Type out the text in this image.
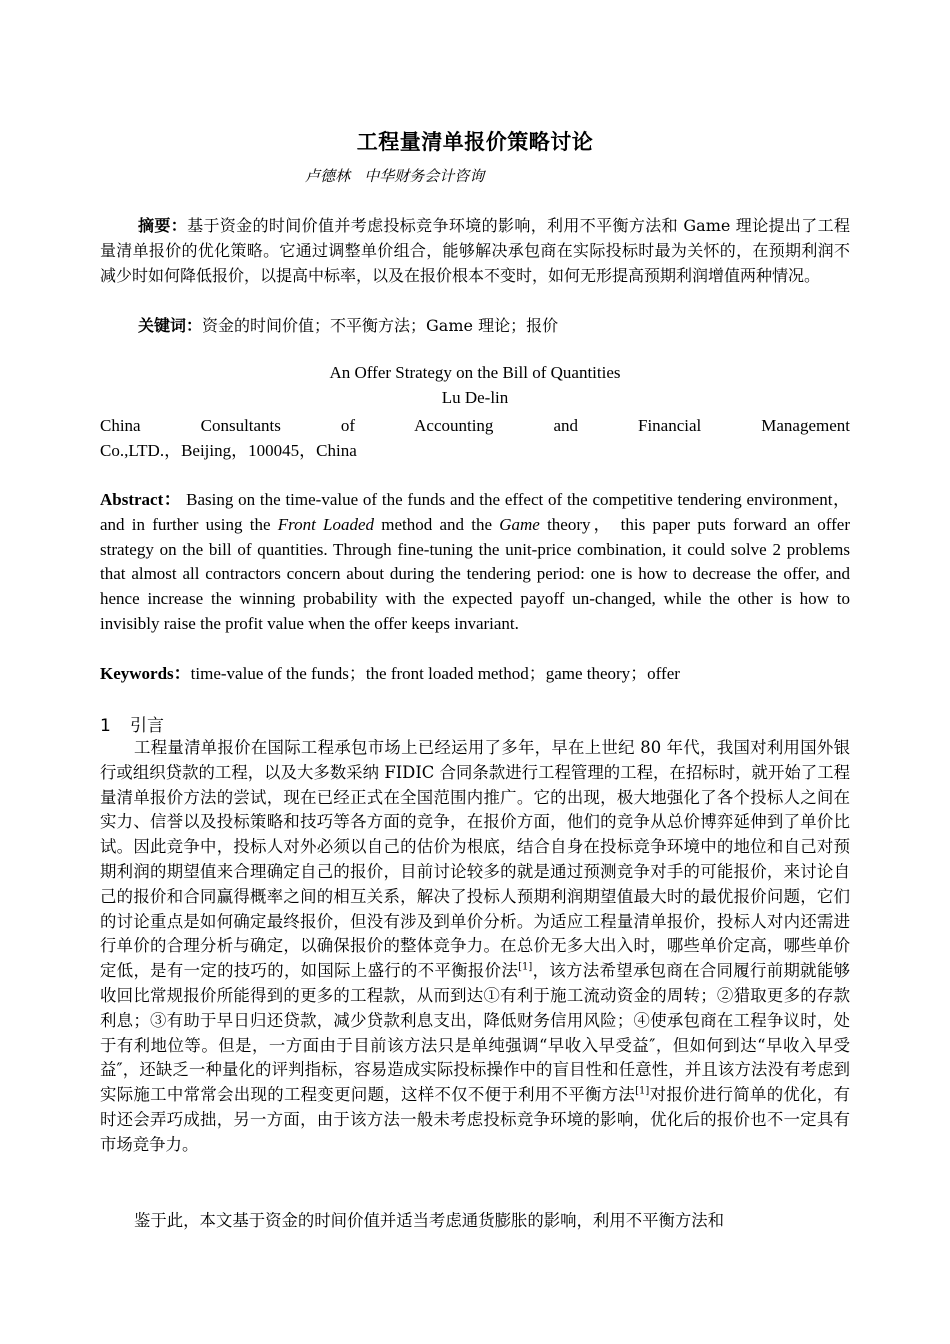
工程量清单报价策略讨论
卢德林   中华财务会计咨询
摘要：基于资金的时间价值并考虑投标竞争环境的影响，利用不平衡方法和 Game 理论提出了工程量清单报价的优化策略。它通过调整单价组合，能够解决承包商在实际投标时最为关怀的，在预期利润不减少时如何降低报价，以提高中标率，以及在报价根本不变时，如何无形提高预期利润增值两种情况。
关键词：资金的时间价值；不平衡方法；Game 理论；报价
An Offer Strategy on the Bill of Quantities
Lu De-lin
China Consultants of Accounting and Financial Management
Co.,LTD.，Beijing，100045，China
Abstract： Basing on the time-value of the funds and the effect of the competitive tendering environment， and in further using the Front Loaded method and the Game theory， this paper puts forward an offer strategy on the bill of quantities. Through fine-tuning the unit-price combination, it could solve 2 problems that almost all contractors concern about during the tendering period: one is how to decrease the offer, and hence increase the winning probability with the expected payoff un-changed, while the other is how to invisibly raise the profit value when the offer keeps invariant.
Keywords：time-value of the funds；the front loaded method；game theory；offer
1 引言
工程量清单报价在国际工程承包市场上已经运用了多年，早在上世纪 80 年代，我国对利用国外银行或组织贷款的工程，以及大多数采纳 FIDIC 合同条款进行工程管理的工程，在招标时，就开始了工程量清单报价方法的尝试，现在已经正式在全国范围内推广。它的出现，极大地强化了各个投标人之间在实力、信誉以及投标策略和技巧等各方面的竞争，在报价方面，他们的竞争从总价博弈延伸到了单价比试。因此竞争中，投标人对外必须以自己的估价为根底，结合自身在投标竞争环境中的地位和自己对预期利润的期望值来合理确定自己的报价，目前讨论较多的就是通过预测竞争对手的可能报价，来讨论自己的报价和合同赢得概率之间的相互关系，解决了投标人预期利润期望值最大时的最优报价问题，它们的讨论重点是如何确定最终报价，但没有涉及到单价分析。为适应工程量清单报价，投标人对内还需进行单价的合理分析与确定，以确保报价的整体竞争力。在总价无多大出入时，哪些单价定高，哪些单价定低，是有一定的技巧的，如国际上盛行的不平衡报价法[1]，该方法希望承包商在合同履行前期就能够收回比常规报价所能得到的更多的工程款，从而到达①有利于施工流动资金的周转；②猎取更多的存款利息；③有助于早日归还贷款，减少贷款利息支出，降低财务信用风险；④使承包商在工程争议时，处于有利地位等。但是，一方面由于目前该方法只是单纯强调“早收入早受益″，但如何到达“早收入早受益″，还缺乏一种量化的评判指标，容易造成实际投标操作中的盲目性和任意性，并且该方法没有考虑到实际施工中常常会出现的工程变更问题，这样不仅不便于利用不平衡方法[1]对报价进行简单的优化，有时还会弄巧成拙，另一方面，由于该方法一般未考虑投标竞争环境的影响，优化后的报价也不一定具有市场竞争力。
鉴于此，本文基于资金的时间价值并适当考虑通货膨胀的影响，利用不平衡方法和
